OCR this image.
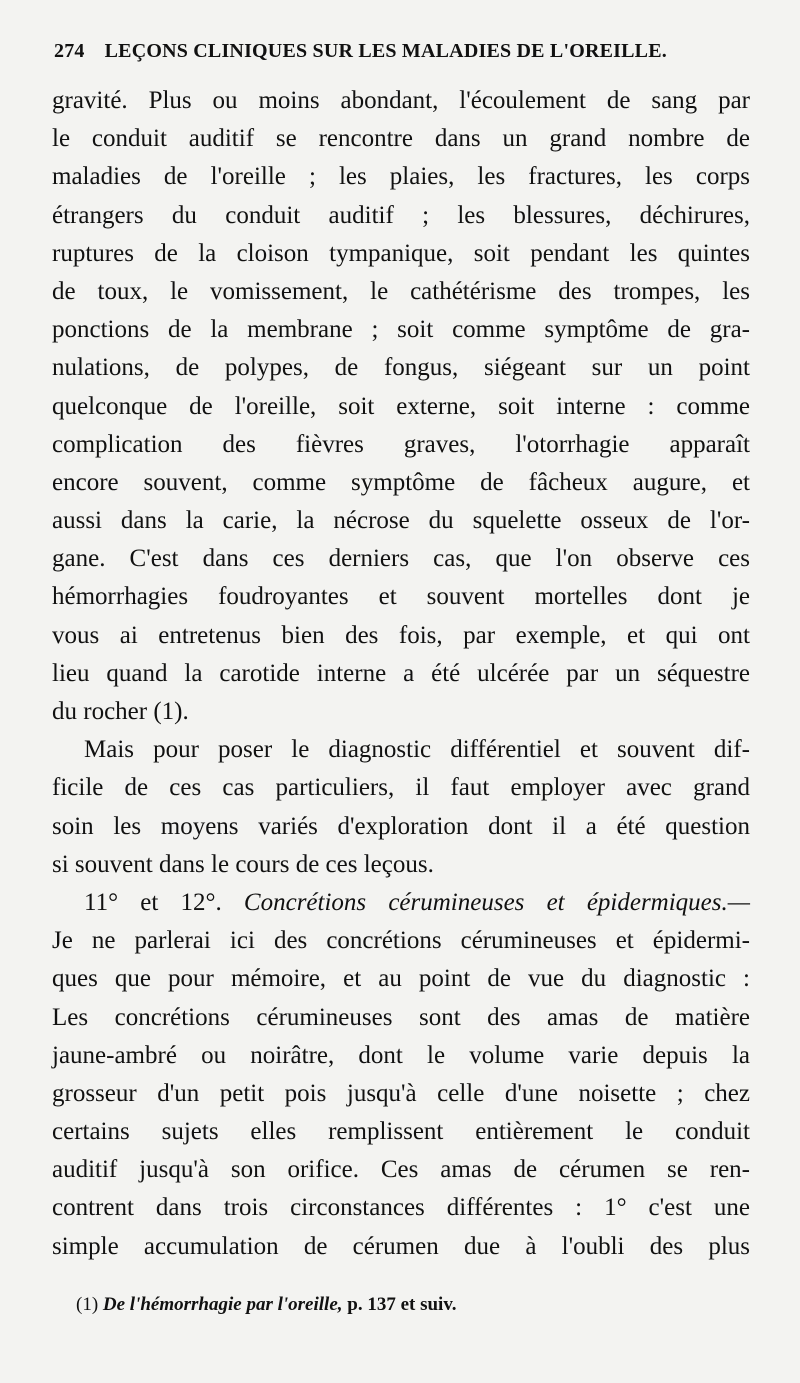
274 LEÇONS CLINIQUES SUR LES MALADIES DE L'OREILLE.
gravité. Plus ou moins abondant, l'écoulement de sang par
le conduit auditif se rencontre dans un grand nombre de
maladies de l'oreille ; les plaies, les fractures, les corps
étrangers du conduit auditif ; les blessures, déchirures,
ruptures de la cloison tympanique, soit pendant les quintes
de toux, le vomissement, le cathétérisme des trompes, les
ponctions de la membrane ; soit comme symptôme de gra-
nulations, de polypes, de fongus, siégeant sur un point
quelconque de l'oreille, soit externe, soit interne : comme
complication des fièvres graves, l'otorrhagie apparaît
encore souvent, comme symptôme de fâcheux augure, et
aussi dans la carie, la nécrose du squelette osseux de l'or-
gane. C'est dans ces derniers cas, que l'on observe ces
hémorrhagies foudroyantes et souvent mortelles dont je
vous ai entretenus bien des fois, par exemple, et qui ont
lieu quand la carotide interne a été ulcérée par un séquestre
du rocher (1).
Mais pour poser le diagnostic différentiel et souvent dif-
ficile de ces cas particuliers, il faut employer avec grand
soin les moyens variés d'exploration dont il a été question
si souvent dans le cours de ces leçous.
11° et 12°. Concrétions cérumineuses et épidermiques.—
Je ne parlerai ici des concrétions cérumineuses et épidermi-
ques que pour mémoire, et au point de vue du diagnostic :
Les concrétions cérumineuses sont des amas de matière
jaune-ambré ou noirâtre, dont le volume varie depuis la
grosseur d'un petit pois jusqu'à celle d'une noisette ; chez
certains sujets elles remplissent entièrement le conduit
auditif jusqu'à son orifice. Ces amas de cérumen se ren-
contrent dans trois circonstances différentes : 1° c'est une
simple accumulation de cérumen due à l'oubli des plus
(1) De l'hémorrhagie par l'oreille, p. 137 et suiv.
